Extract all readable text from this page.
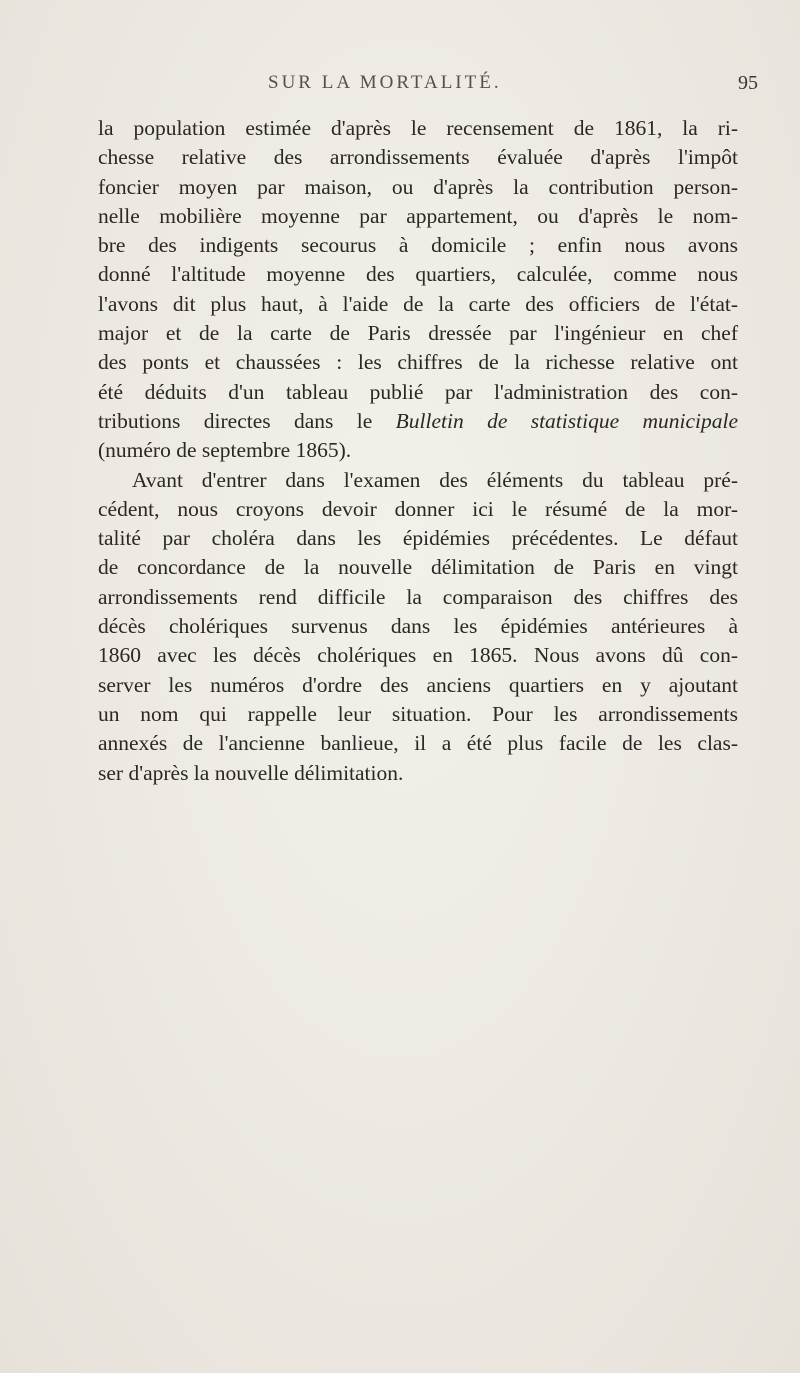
SUR LA MORTALITÉ.	95
la population estimée d'après le recensement de 1861, la ri-
chesse relative des arrondissements évaluée d'après l'impôt
foncier moyen par maison, ou d'après la contribution person-
nelle mobilière moyenne par appartement, ou d'après le nom-
bre des indigents secourus à domicile ; enfin nous avons
donné l'altitude moyenne des quartiers, calculée, comme nous
l'avons dit plus haut, à l'aide de la carte des officiers de l'état-
major et de la carte de Paris dressée par l'ingénieur en chef
des ponts et chaussées : les chiffres de la richesse relative ont
été déduits d'un tableau publié par l'administration des con-
tributions directes dans le Bulletin de statistique municipale
(numéro de septembre 1865).
Avant d'entrer dans l'examen des éléments du tableau pré-
cédent, nous croyons devoir donner ici le résumé de la mor-
talité par choléra dans les épidémies précédentes. Le défaut
de concordance de la nouvelle délimitation de Paris en vingt
arrondissements rend difficile la comparaison des chiffres des
décès cholériques survenus dans les épidémies antérieures à
1860 avec les décès cholériques en 1865. Nous avons dû con-
server les numéros d'ordre des anciens quartiers en y ajoutant
un nom qui rappelle leur situation. Pour les arrondissements
annexés de l'ancienne banlieue, il a été plus facile de les clas-
ser d'après la nouvelle délimitation.
